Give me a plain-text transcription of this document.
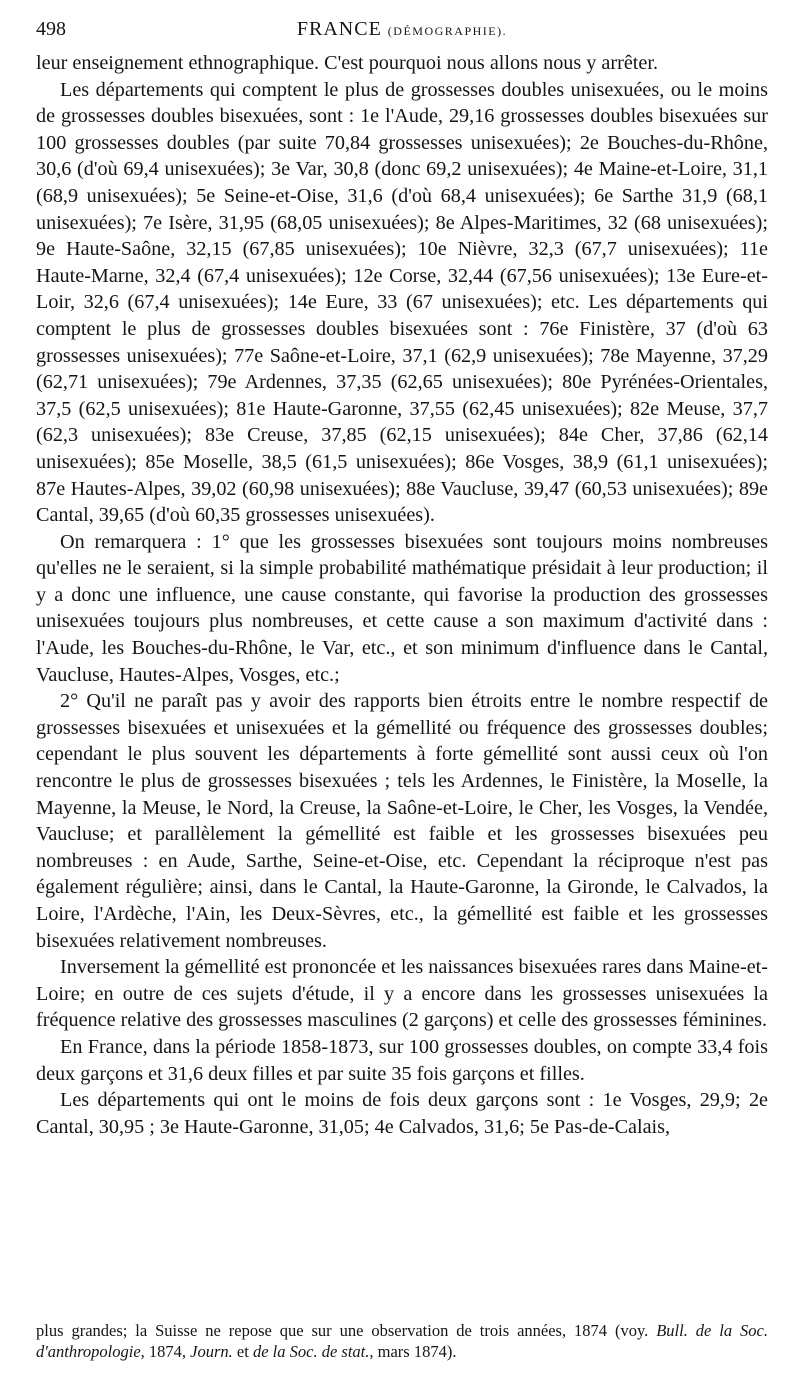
498	FRANCE (DÉMOGRAPHIE).

leur enseignement ethnographique. C'est pourquoi nous allons nous y arrêter.

Les départements qui comptent le plus de grossesses doubles unisexuées, ou le moins de grossesses doubles bisexuées, sont : 1e l'Aude, 29,16 grossesses doubles bisexuées sur 100 grossesses doubles (par suite 70,84 grossesses unisexuées); 2e Bouches-du-Rhône, 30,6 (d'où 69,4 unisexuées); 3e Var, 30,8 (donc 69,2 unisexuées); 4e Maine-et-Loire, 31,1 (68,9 unisexuées); 5e Seine-et-Oise, 31,6 (d'où 68,4 unisexuées); 6e Sarthe 31,9 (68,1 unisexuées); 7e Isère, 31,95 (68,05 unisexuées); 8e Alpes-Maritimes, 32 (68 unisexuées); 9e Haute-Saône, 32,15 (67,85 unisexuées); 10e Nièvre, 32,3 (67,7 unisexuées); 11e Haute-Marne, 32,4 (67,4 unisexuées); 12e Corse, 32,44 (67,56 unisexuées); 13e Eure-et-Loir, 32,6 (67,4 unisexuées); 14e Eure, 33 (67 unisexuées); etc. Les départements qui comptent le plus de grossesses doubles bisexuées sont : 76e Finistère, 37 (d'où 63 grossesses unisexuées); 77e Saône-et-Loire, 37,1 (62,9 unisexuées); 78e Mayenne, 37,29 (62,71 unisexuées); 79e Ardennes, 37,35 (62,65 unisexuées); 80e Pyrénées-Orientales, 37,5 (62,5 unisexuées); 81e Haute-Garonne, 37,55 (62,45 unisexuées); 82e Meuse, 37,7 (62,3 unisexuées); 83e Creuse, 37,85 (62,15 unisexuées); 84e Cher, 37,86 (62,14 unisexuées); 85e Moselle, 38,5 (61,5 unisexuées); 86e Vosges, 38,9 (61,1 unisexuées); 87e Hautes-Alpes, 39,02 (60,98 unisexuées); 88e Vaucluse, 39,47 (60,53 unisexuées); 89e Cantal, 39,65 (d'où 60,35 grossesses unisexuées).

On remarquera : 1° que les grossesses bisexuées sont toujours moins nombreuses qu'elles ne le seraient, si la simple probabilité mathématique présidait à leur production; il y a donc une influence, une cause constante, qui favorise la production des grossesses unisexuées toujours plus nombreuses, et cette cause a son maximum d'activité dans : l'Aude, les Bouches-du-Rhône, le Var, etc., et son minimum d'influence dans le Cantal, Vaucluse, Hautes-Alpes, Vosges, etc.;

2° Qu'il ne paraît pas y avoir des rapports bien étroits entre le nombre respectif de grossesses bisexuées et unisexuées et la gémellité ou fréquence des grossesses doubles; cependant le plus souvent les départements à forte gémellité sont aussi ceux où l'on rencontre le plus de grossesses bisexuées ; tels les Ardennes, le Finistère, la Moselle, la Mayenne, la Meuse, le Nord, la Creuse, la Saône-et-Loire, le Cher, les Vosges, la Vendée, Vaucluse; et parallèlement la gémellité est faible et les grossesses bisexuées peu nombreuses : en Aude, Sarthe, Seine-et-Oise, etc. Cependant la réciproque n'est pas également régulière; ainsi, dans le Cantal, la Haute-Garonne, la Gironde, le Calvados, la Loire, l'Ardèche, l'Ain, les Deux-Sèvres, etc., la gémellité est faible et les grossesses bisexuées relativement nombreuses.

Inversement la gémellité est prononcée et les naissances bisexuées rares dans Maine-et-Loire; en outre de ces sujets d'étude, il y a encore dans les grossesses unisexuées la fréquence relative des grossesses masculines (2 garçons) et celle des grossesses féminines.

En France, dans la période 1858-1873, sur 100 grossesses doubles, on compte 33,4 fois deux garçons et 31,6 deux filles et par suite 35 fois garçons et filles.

Les départements qui ont le moins de fois deux garçons sont : 1e Vosges, 29,9; 2e Cantal, 30,95 ; 3e Haute-Garonne, 31,05; 4e Calvados, 31,6; 5e Pas-de-Calais,

plus grandes; la Suisse ne repose que sur une observation de trois années, 1874 (voy. Bull. de la Soc. d'anthropologie, 1874, Journ. et de la Soc. de stat., mars 1874).
